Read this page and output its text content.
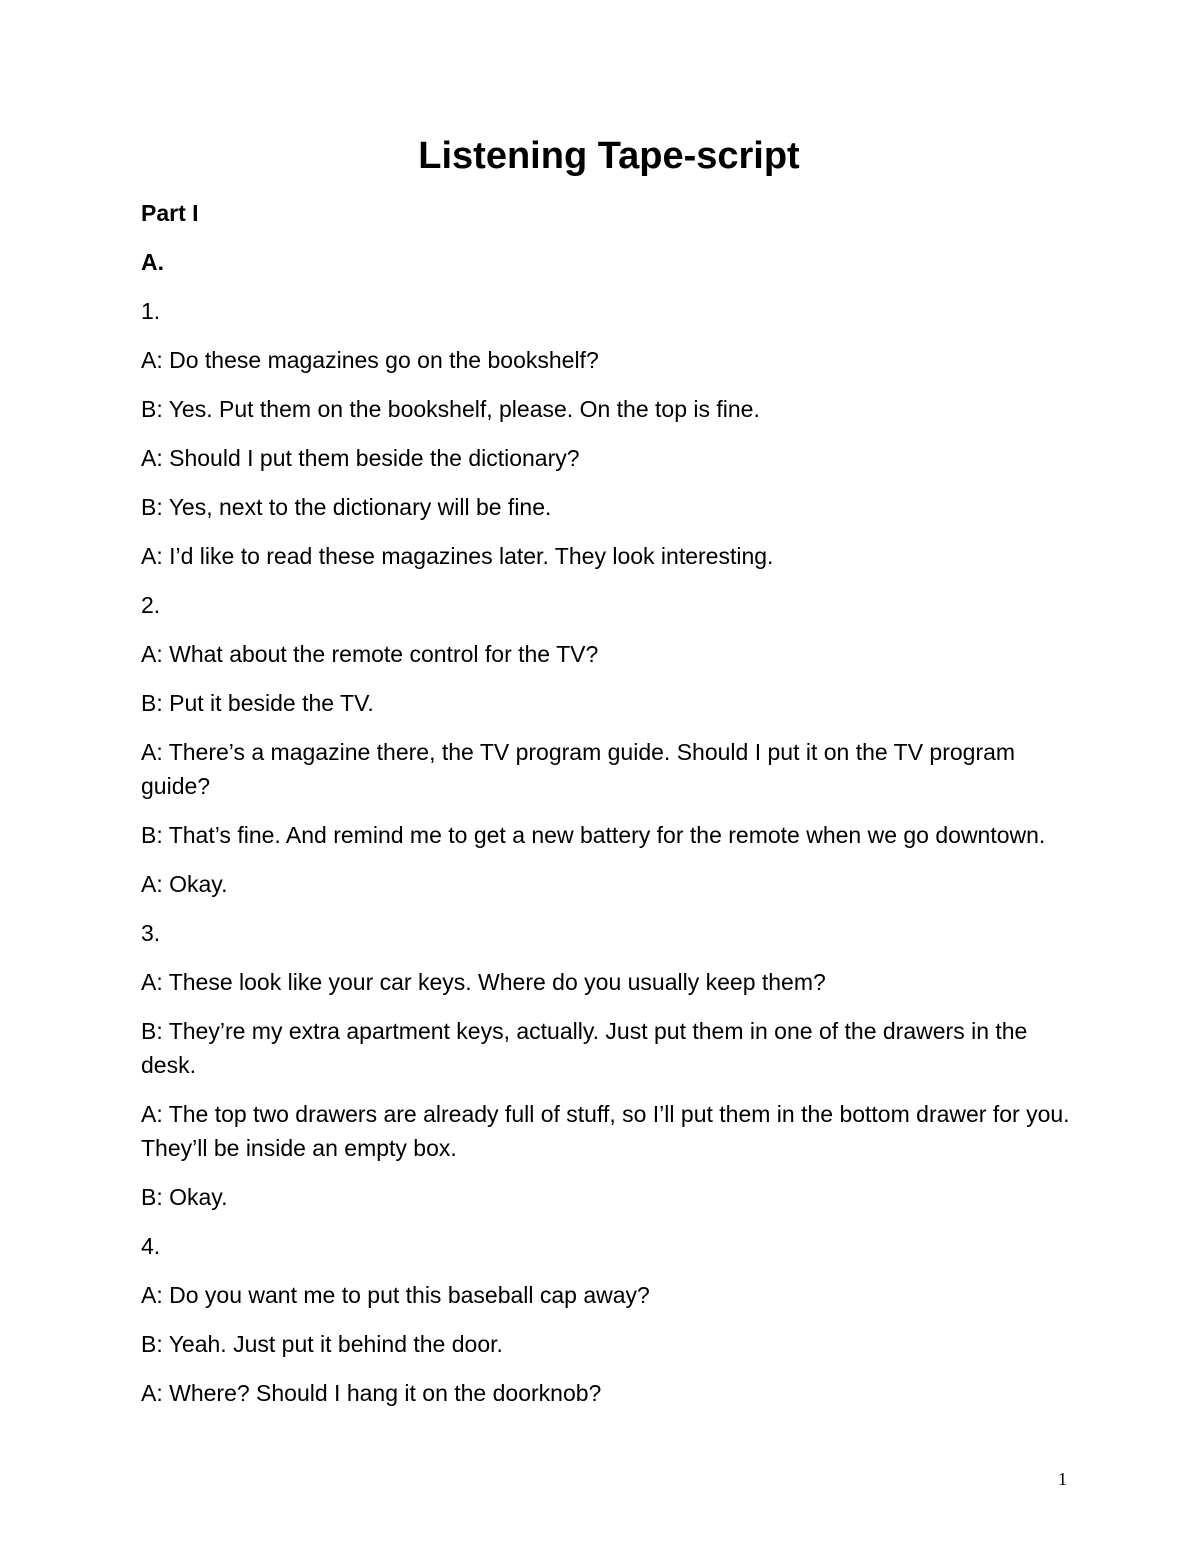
Listening Tape-script

Part I

A.

1.

A: Do these magazines go on the bookshelf?

B: Yes. Put them on the bookshelf, please. On the top is fine.

A: Should I put them beside the dictionary?

B: Yes, next to the dictionary will be fine.

A: I’d like to read these magazines later. They look interesting.

2.

A: What about the remote control for the TV?

B: Put it beside the TV.

A: There’s a magazine there, the TV program guide. Should I put it on the TV program guide?

B: That’s fine. And remind me to get a new battery for the remote when we go downtown.

A: Okay.

3.

A: These look like your car keys. Where do you usually keep them?

B: They’re my extra apartment keys, actually. Just put them in one of the drawers in the desk.

A: The top two drawers are already full of stuff, so I’ll put them in the bottom drawer for you. They’ll be inside an empty box.

B: Okay.

4.

A: Do you want me to put this baseball cap away?

B: Yeah. Just put it behind the door.

A: Where? Should I hang it on the doorknob?

1
